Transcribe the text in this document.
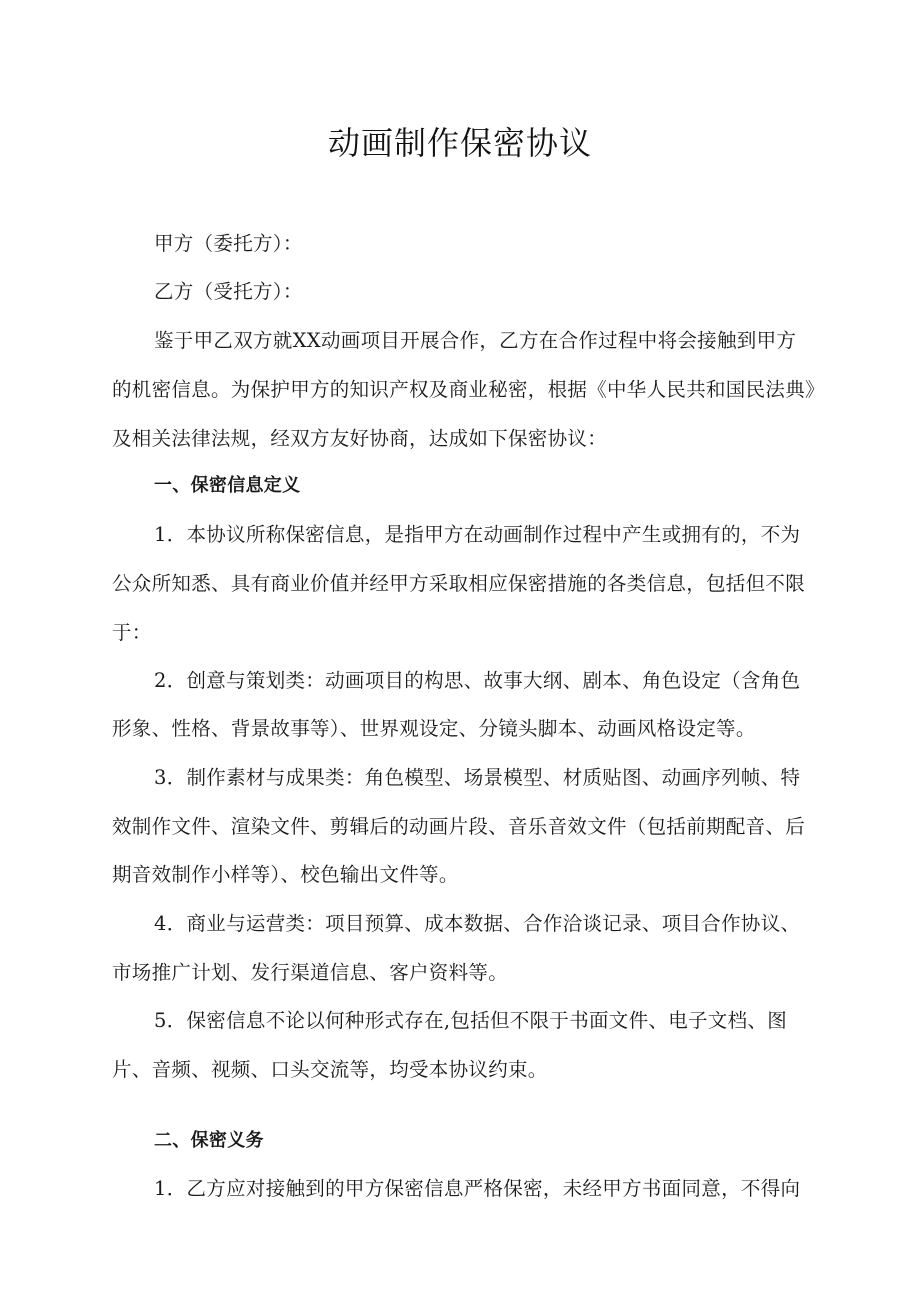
动画制作保密协议
甲方（委托方）：
乙方（受托方）：
鉴于甲乙双方就XX动画项目开展合作，乙方在合作过程中将会接触到甲方
的机密信息。为保护甲方的知识产权及商业秘密，根据《中华人民共和国民法典》
及相关法律法规，经双方友好协商，达成如下保密协议：
一、保密信息定义
1．本协议所称保密信息，是指甲方在动画制作过程中产生或拥有的，不为
公众所知悉、具有商业价值并经甲方采取相应保密措施的各类信息，包括但不限
于：
2．创意与策划类：动画项目的构思、故事大纲、剧本、角色设定（含角色
形象、性格、背景故事等）、世界观设定、分镜头脚本、动画风格设定等。
3．制作素材与成果类：角色模型、场景模型、材质贴图、动画序列帧、特
效制作文件、渲染文件、剪辑后的动画片段、音乐音效文件（包括前期配音、后
期音效制作小样等）、校色输出文件等。
4．商业与运营类：项目预算、成本数据、合作洽谈记录、项目合作协议、
市场推广计划、发行渠道信息、客户资料等。
5．保密信息不论以何种形式存在,包括但不限于书面文件、电子文档、图
片、音频、视频、口头交流等，均受本协议约束。
二、保密义务
1．乙方应对接触到的甲方保密信息严格保密，未经甲方书面同意，不得向
